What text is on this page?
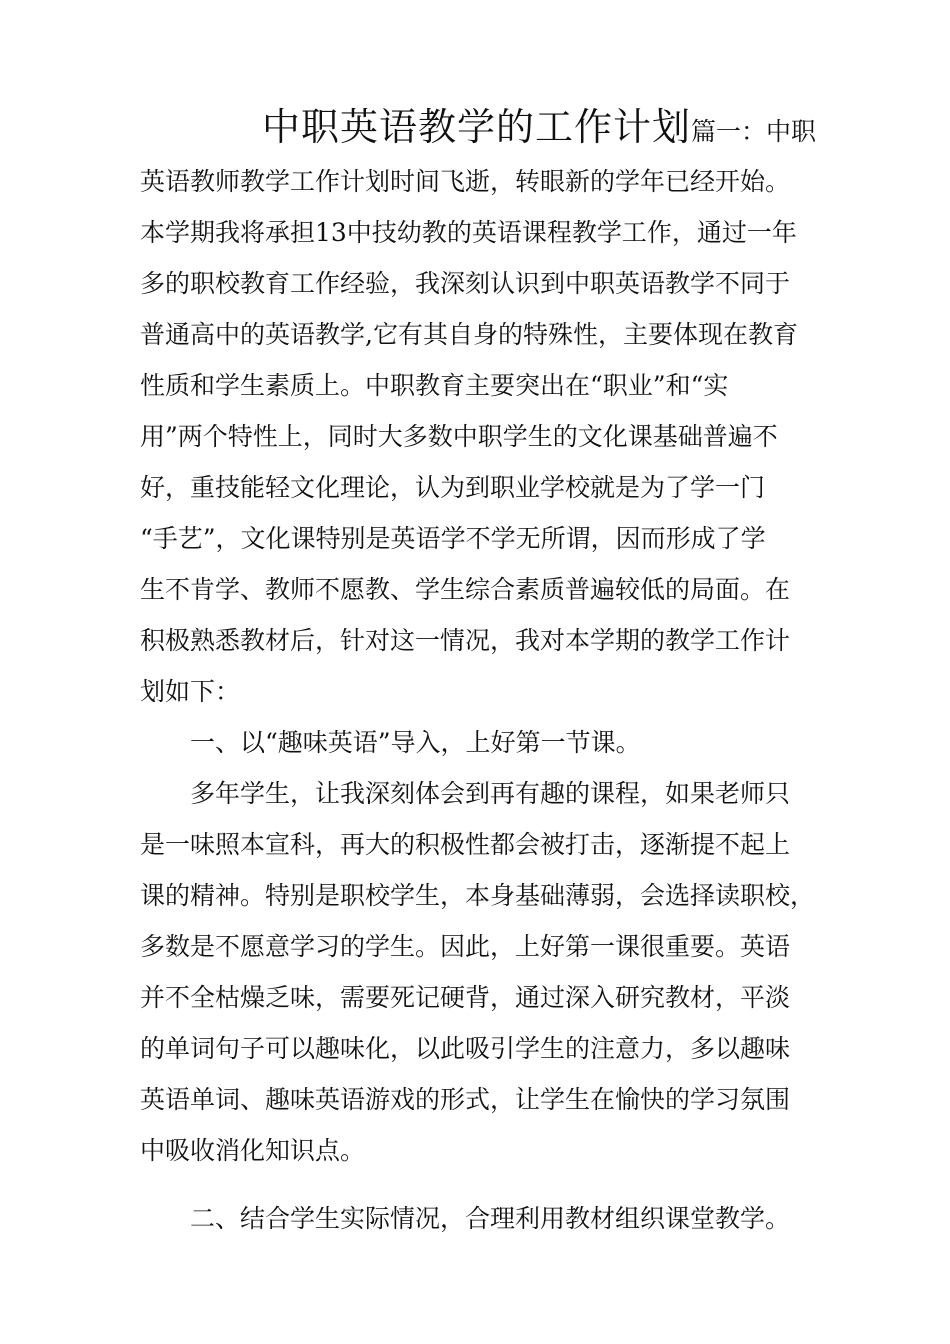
中职英语教学的工作计划篇一：中职
英语教师教学工作计划时间飞逝，转眼新的学年已经开始。
本学期我将承担13中技幼教的英语课程教学工作，通过一年
多的职校教育工作经验，我深刻认识到中职英语教学不同于
普通高中的英语教学,它有其自身的特殊性，主要体现在教育
性质和学生素质上。中职教育主要突出在“职业”和“实
用”两个特性上，同时大多数中职学生的文化课基础普遍不
好，重技能轻文化理论，认为到职业学校就是为了学一门
“手艺”，文化课特别是英语学不学无所谓，因而形成了学
生不肯学、教师不愿教、学生综合素质普遍较低的局面。在
积极熟悉教材后，针对这一情况，我对本学期的教学工作计
划如下：
一、以“趣味英语”导入，上好第一节课。
多年学生，让我深刻体会到再有趣的课程，如果老师只
是一味照本宣科，再大的积极性都会被打击，逐渐提不起上
课的精神。特别是职校学生，本身基础薄弱，会选择读职校，
多数是不愿意学习的学生。因此，上好第一课很重要。英语
并不全枯燥乏味，需要死记硬背，通过深入研究教材，平淡
的单词句子可以趣味化，以此吸引学生的注意力，多以趣味
英语单词、趣味英语游戏的形式，让学生在愉快的学习氛围
中吸收消化知识点。
二、结合学生实际情况，合理利用教材组织课堂教学。
